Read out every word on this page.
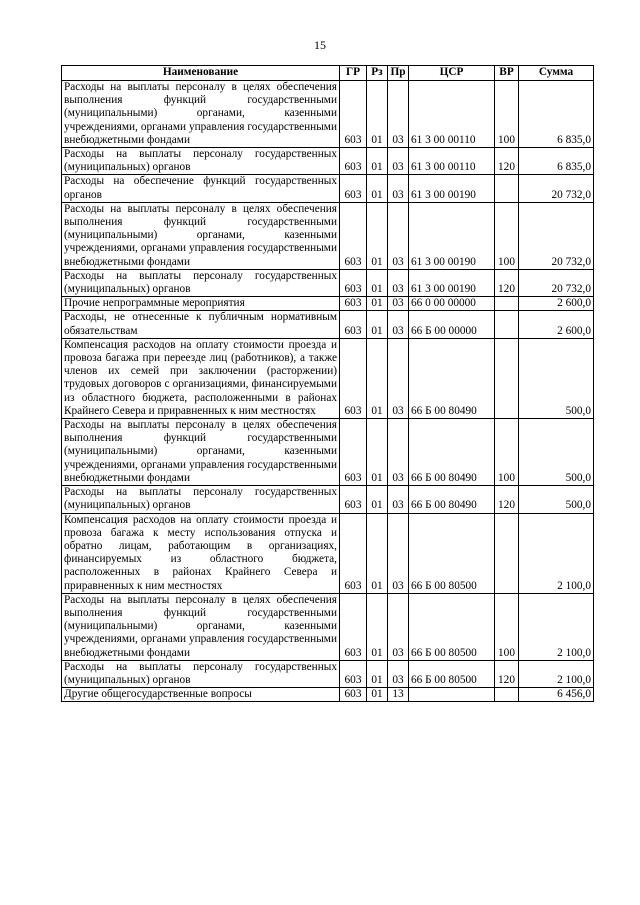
15
Наименование	ГР	Рз	Пр	ЦСР	ВР	Сумма
Расходы на выплаты персоналу в целях обеспечения выполнения функций государственными (муниципальными) органами, казенными учреждениями, органами управления государственными внебюджетными фондами	603	01	03	61 3 00 00110	100	6 835,0
Расходы на выплаты персоналу государственных (муниципальных) органов	603	01	03	61 3 00 00110	120	6 835,0
Расходы на обеспечение функций государственных органов	603	01	03	61 3 00 00190		20 732,0
Расходы на выплаты персоналу в целях обеспечения выполнения функций государственными (муниципальными) органами, казенными учреждениями, органами управления государственными внебюджетными фондами	603	01	03	61 3 00 00190	100	20 732,0
Расходы на выплаты персоналу государственных (муниципальных) органов	603	01	03	61 3 00 00190	120	20 732,0
Прочие непрограммные мероприятия	603	01	03	66 0 00 00000		2 600,0
Расходы, не отнесенные к публичным нормативным обязательствам	603	01	03	66 Б 00 00000		2 600,0
Компенсация расходов на оплату стоимости проезда и провоза багажа при переезде лиц (работников), а также членов их семей при заключении (расторжении) трудовых договоров с организациями, финансируемыми из областного бюджета, расположенными в районах Крайнего Севера и приравненных к ним местностях	603	01	03	66 Б 00 80490		500,0
Расходы на выплаты персоналу в целях обеспечения выполнения функций государственными (муниципальными) органами, казенными учреждениями, органами управления государственными внебюджетными фондами	603	01	03	66 Б 00 80490	100	500,0
Расходы на выплаты персоналу государственных (муниципальных) органов	603	01	03	66 Б 00 80490	120	500,0
Компенсация расходов на оплату стоимости проезда и провоза багажа к месту использования отпуска и обратно лицам, работающим в организациях, финансируемых из областного бюджета, расположенных в районах Крайнего Севера и приравненных к ним местностях	603	01	03	66 Б 00 80500		2 100,0
Расходы на выплаты персоналу в целях обеспечения выполнения функций государственными (муниципальными) органами, казенными учреждениями, органами управления государственными внебюджетными фондами	603	01	03	66 Б 00 80500	100	2 100,0
Расходы на выплаты персоналу государственных (муниципальных) органов	603	01	03	66 Б 00 80500	120	2 100,0
Другие общегосударственные вопросы	603	01	13			6 456,0
